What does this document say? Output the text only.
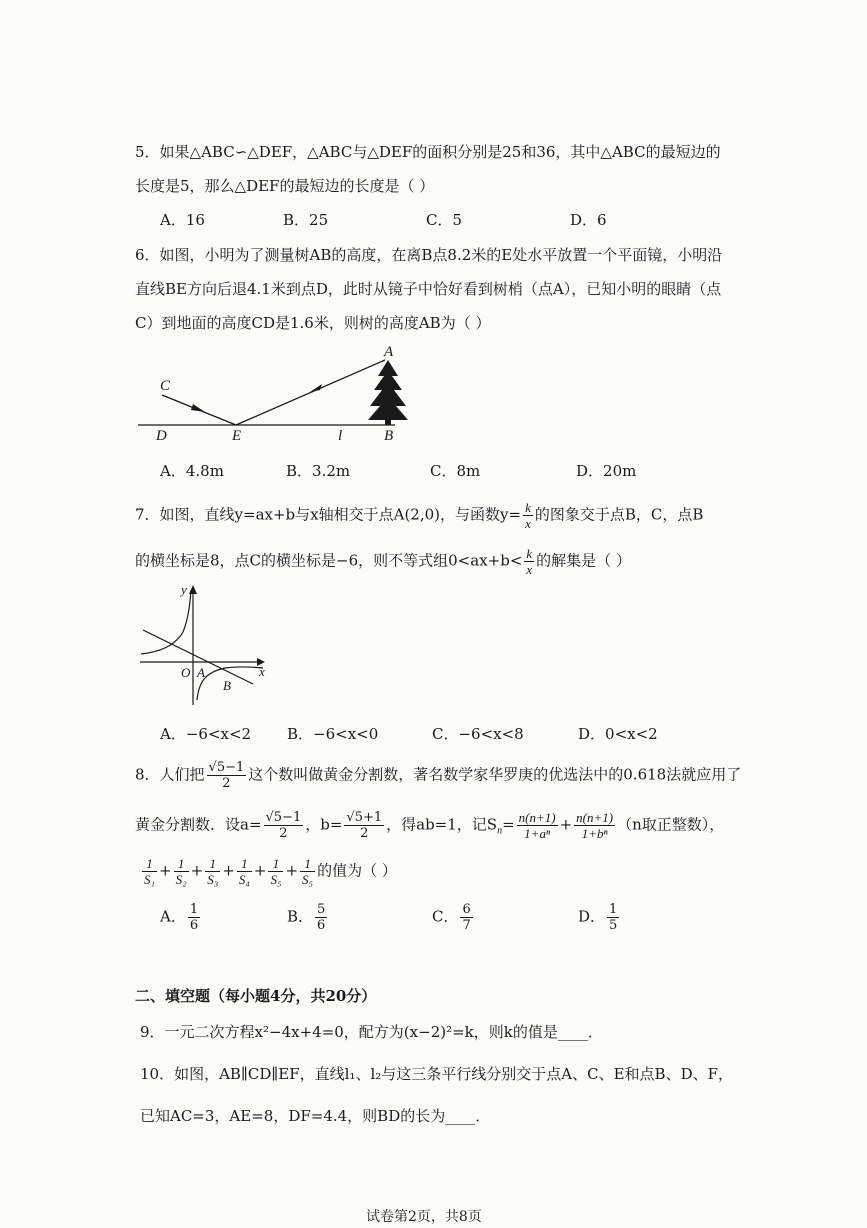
5．如果△ABC∽△DEF，△ABC与△DEF的面积分别是25和36，其中△ABC的最短边的
长度是5，那么△DEF的最短边的长度是（ ）
A．16	B．25	C．5	D．6
6．如图，小明为了测量树AB的高度，在离B点8.2米的E处水平放置一个平面镜，小明沿
直线BE方向后退4.1米到点D，此时从镜子中恰好看到树梢（点A），已知小明的眼睛（点
C）到地面的高度CD是1.6米，则树的高度AB为（ ）
C
D	E	B
A
l
A．4.8m	B．3.2m	C．8m	D．20m
7．如图，直线y=ax+b与x轴相交于点A(2,0)，与函数$y= \frac{k}{x}$ 的图象交于点B，C，点B
的横坐标是8，点C的横坐标是−6，则不等式组$0<ax+b< \frac{k}{x}$ 的解集是（ ）
y
O A
B
x
A．−6<x<2 B．−6<x<0	C．−6<x<8	D．0<x<2
8．人们把 $\frac{√5-1}{2}$ 这个数叫做黄金分割数，著名数学家华罗庚的优选法中的0.618法就应用了
黄金分割数．设$a= \frac{√5-1}{2}$ ，$b= \frac{√5+1}{2}$ ，得ab=1，记$S_n= \frac{n(n+1)}{\text{1+aⁿ}} + \frac{n(n+1)}{\text{1+bⁿ}} (n$取正整数），
$\frac{1}{\text{S₁}} + \frac{1}{\text{S₂}} + \frac{1}{\text{S₃}} + \frac{1}{\text{S₄}} + \frac{1}{\text{S₅}} + \frac{1}{\text{S₅}}$ 的值为（ ）
A． $\frac{1}{6}$	B． $\frac{5}{6}$	C． $\frac{6}{7}$	D． $\frac{1}{5}$
二、填空题（每小题4分，共20分）
9．一元二次方程x²−4x+4=0，配方为(x−2)²=k，则k的值是____．
10．如图，AB∥CD∥EF，直线l₁、l₂与这三条平行线分别交于点A、C、E和点B、D、F，
已知AC=3，AE=8，DF=4.4，则BD的长为____．
试卷第2页，共8页
